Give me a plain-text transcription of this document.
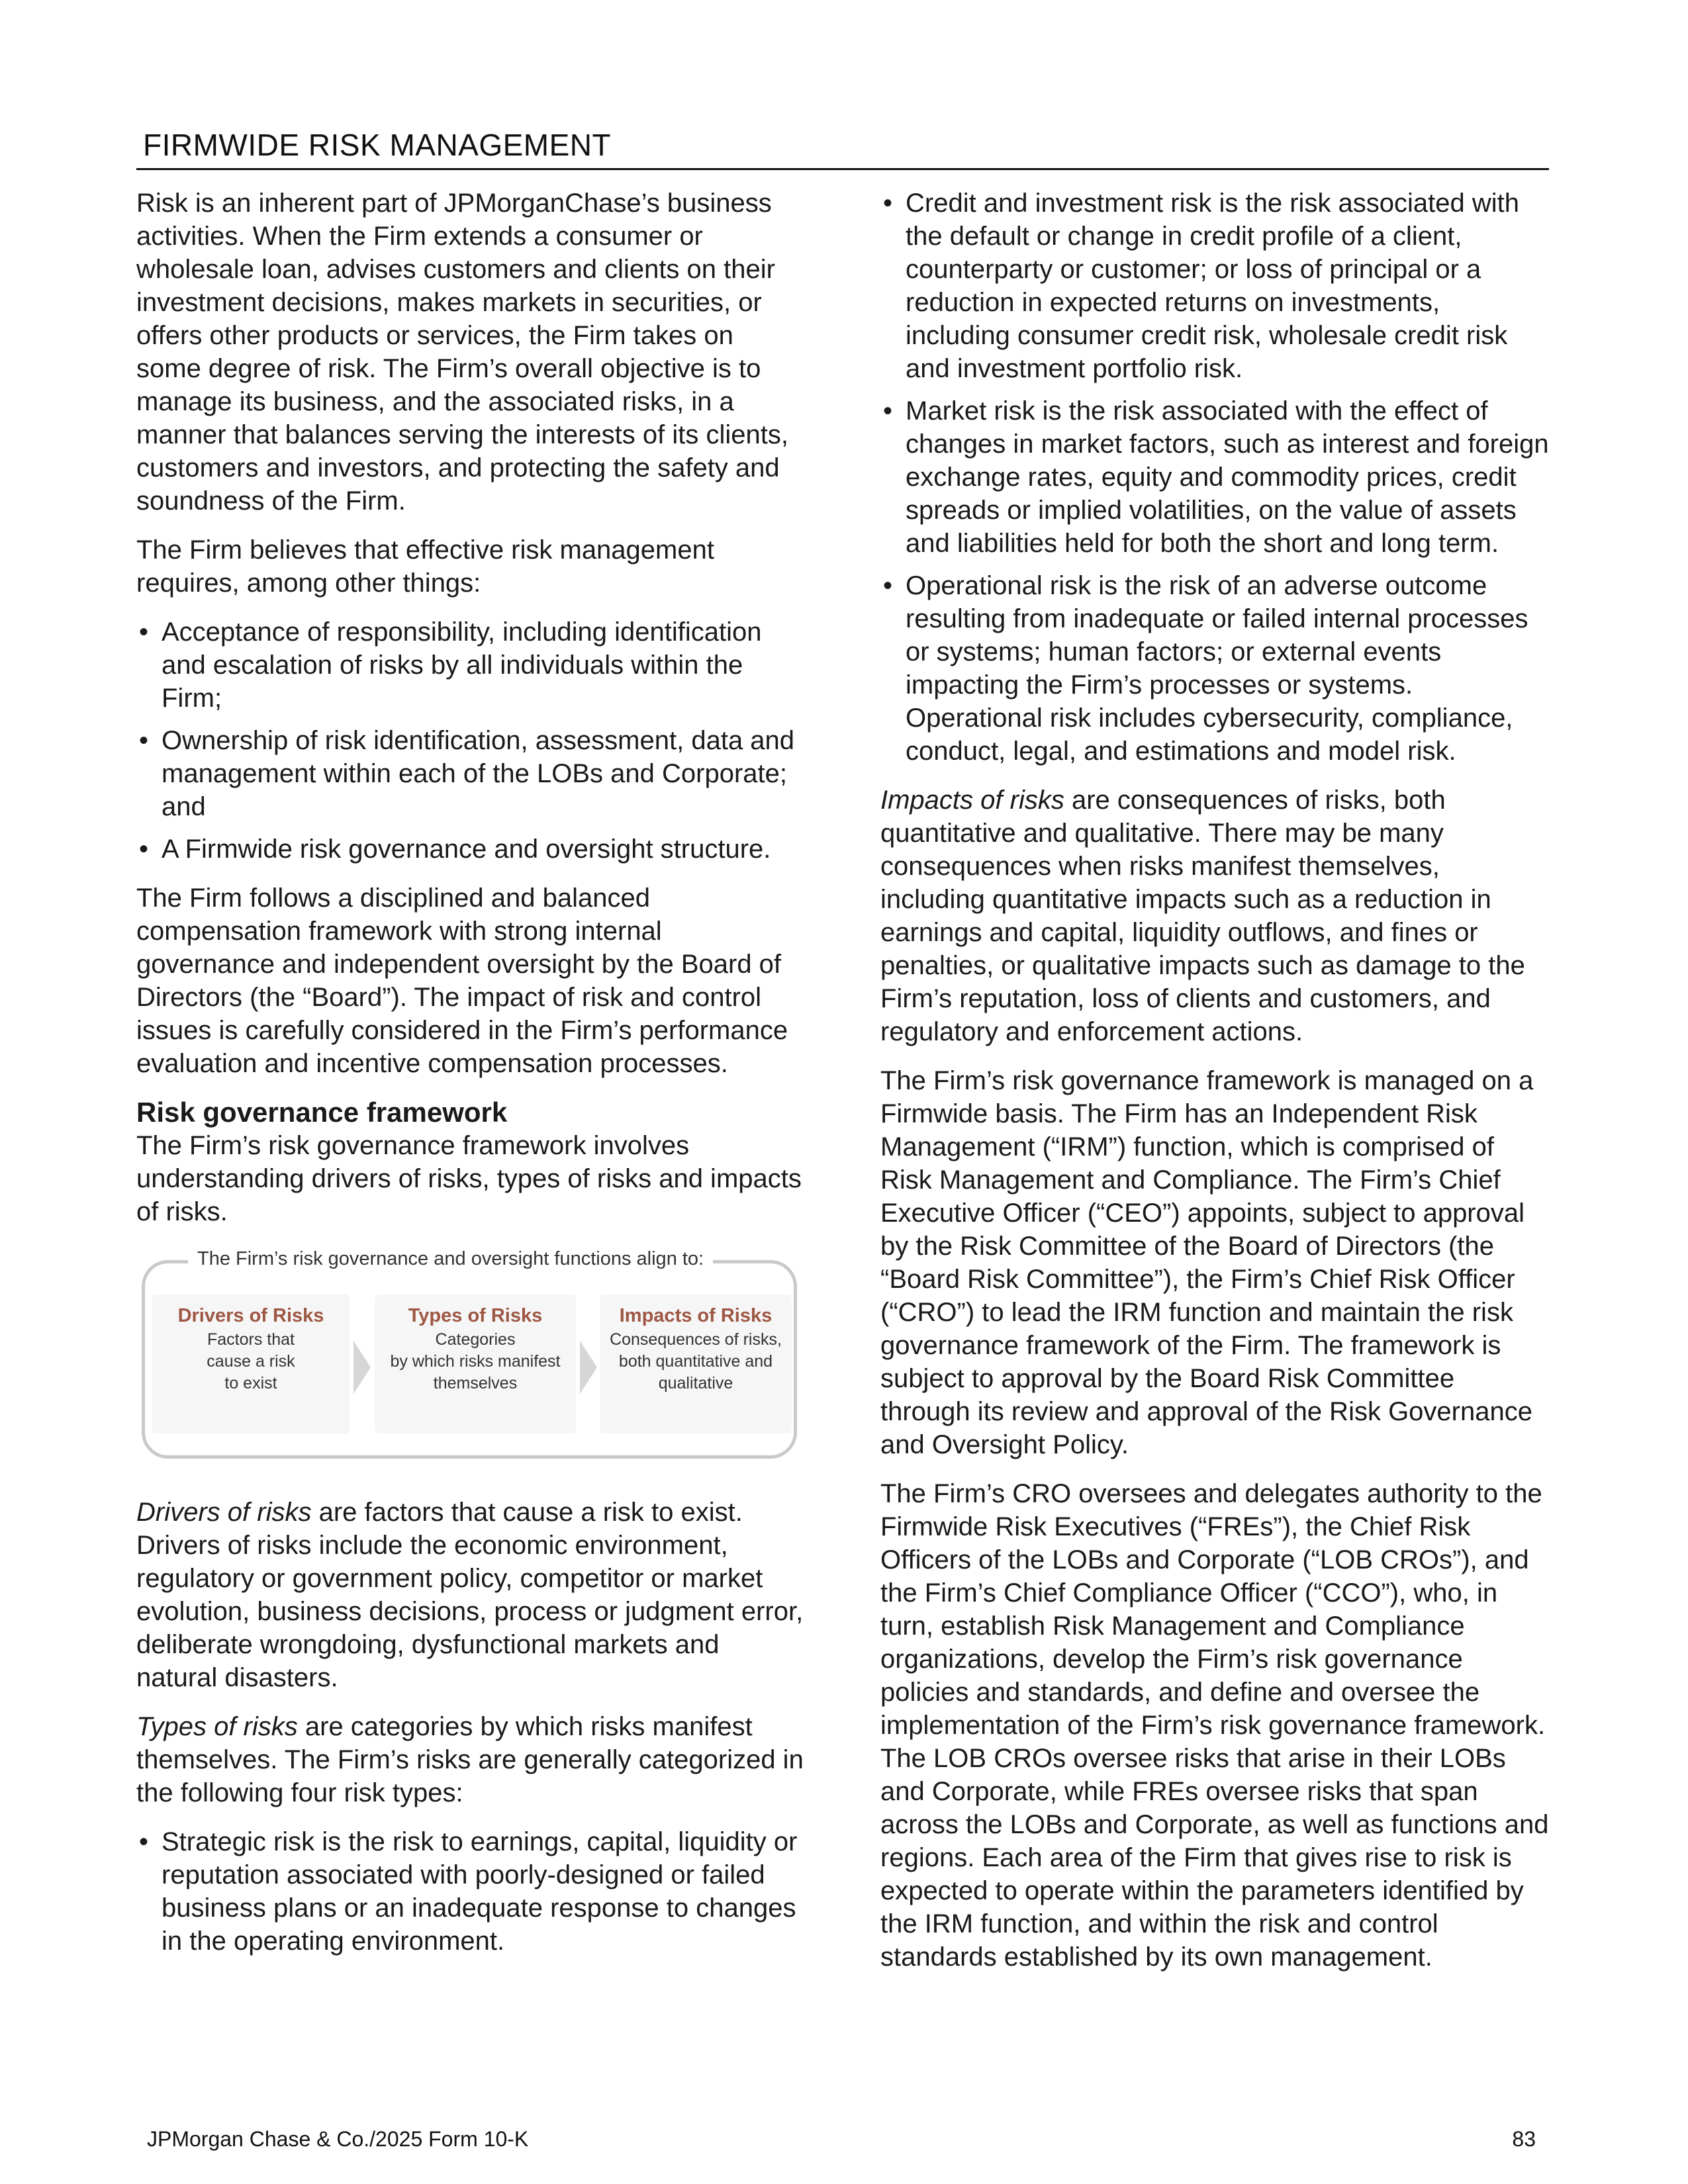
FIRMWIDE RISK MANAGEMENT

Risk is an inherent part of JPMorganChase’s business activities. When the Firm extends a consumer or wholesale loan, advises customers and clients on their investment decisions, makes markets in securities, or offers other products or services, the Firm takes on some degree of risk. The Firm’s overall objective is to manage its business, and the associated risks, in a manner that balances serving the interests of its clients, customers and investors, and protecting the safety and soundness of the Firm.

The Firm believes that effective risk management requires, among other things:

• Acceptance of responsibility, including identification and escalation of risks by all individuals within the Firm;
• Ownership of risk identification, assessment, data and management within each of the LOBs and Corporate; and
• A Firmwide risk governance and oversight structure.

The Firm follows a disciplined and balanced compensation framework with strong internal governance and independent oversight by the Board of Directors (the “Board”). The impact of risk and control issues is carefully considered in the Firm’s performance evaluation and incentive compensation processes.

Risk governance framework

The Firm’s risk governance framework involves understanding drivers of risks, types of risks and impacts of risks.

The Firm’s risk governance and oversight functions align to:
Drivers of Risks
Factors that
cause a risk
to exist
Types of Risks
Categories
by which risks manifest
themselves
Impacts of Risks
Consequences of risks,
both quantitative and
qualitative

Drivers of risks are factors that cause a risk to exist. Drivers of risks include the economic environment, regulatory or government policy, competitor or market evolution, business decisions, process or judgment error, deliberate wrongdoing, dysfunctional markets and natural disasters.

Types of risks are categories by which risks manifest themselves. The Firm’s risks are generally categorized in the following four risk types:

• Strategic risk is the risk to earnings, capital, liquidity or reputation associated with poorly-designed or failed business plans or an inadequate response to changes in the operating environment.
• Credit and investment risk is the risk associated with the default or change in credit profile of a client, counterparty or customer; or loss of principal or a reduction in expected returns on investments, including consumer credit risk, wholesale credit risk and investment portfolio risk.
• Market risk is the risk associated with the effect of changes in market factors, such as interest and foreign exchange rates, equity and commodity prices, credit spreads or implied volatilities, on the value of assets and liabilities held for both the short and long term.
• Operational risk is the risk of an adverse outcome resulting from inadequate or failed internal processes or systems; human factors; or external events impacting the Firm’s processes or systems. Operational risk includes cybersecurity, compliance, conduct, legal, and estimations and model risk.

Impacts of risks are consequences of risks, both quantitative and qualitative. There may be many consequences when risks manifest themselves, including quantitative impacts such as a reduction in earnings and capital, liquidity outflows, and fines or penalties, or qualitative impacts such as damage to the Firm’s reputation, loss of clients and customers, and regulatory and enforcement actions.

The Firm’s risk governance framework is managed on a Firmwide basis. The Firm has an Independent Risk Management (“IRM”) function, which is comprised of Risk Management and Compliance. The Firm’s Chief Executive Officer (“CEO”) appoints, subject to approval by the Risk Committee of the Board of Directors (the “Board Risk Committee”), the Firm’s Chief Risk Officer (“CRO”) to lead the IRM function and maintain the risk governance framework of the Firm. The framework is subject to approval by the Board Risk Committee through its review and approval of the Risk Governance and Oversight Policy.

The Firm’s CRO oversees and delegates authority to the Firmwide Risk Executives (“FREs”), the Chief Risk Officers of the LOBs and Corporate (“LOB CROs”), and the Firm’s Chief Compliance Officer (“CCO”), who, in turn, establish Risk Management and Compliance organizations, develop the Firm’s risk governance policies and standards, and define and oversee the implementation of the Firm’s risk governance framework. The LOB CROs oversee risks that arise in their LOBs and Corporate, while FREs oversee risks that span across the LOBs and Corporate, as well as functions and regions. Each area of the Firm that gives rise to risk is expected to operate within the parameters identified by the IRM function, and within the risk and control standards established by its own management.

JPMorgan Chase & Co./2025 Form 10-K	83
